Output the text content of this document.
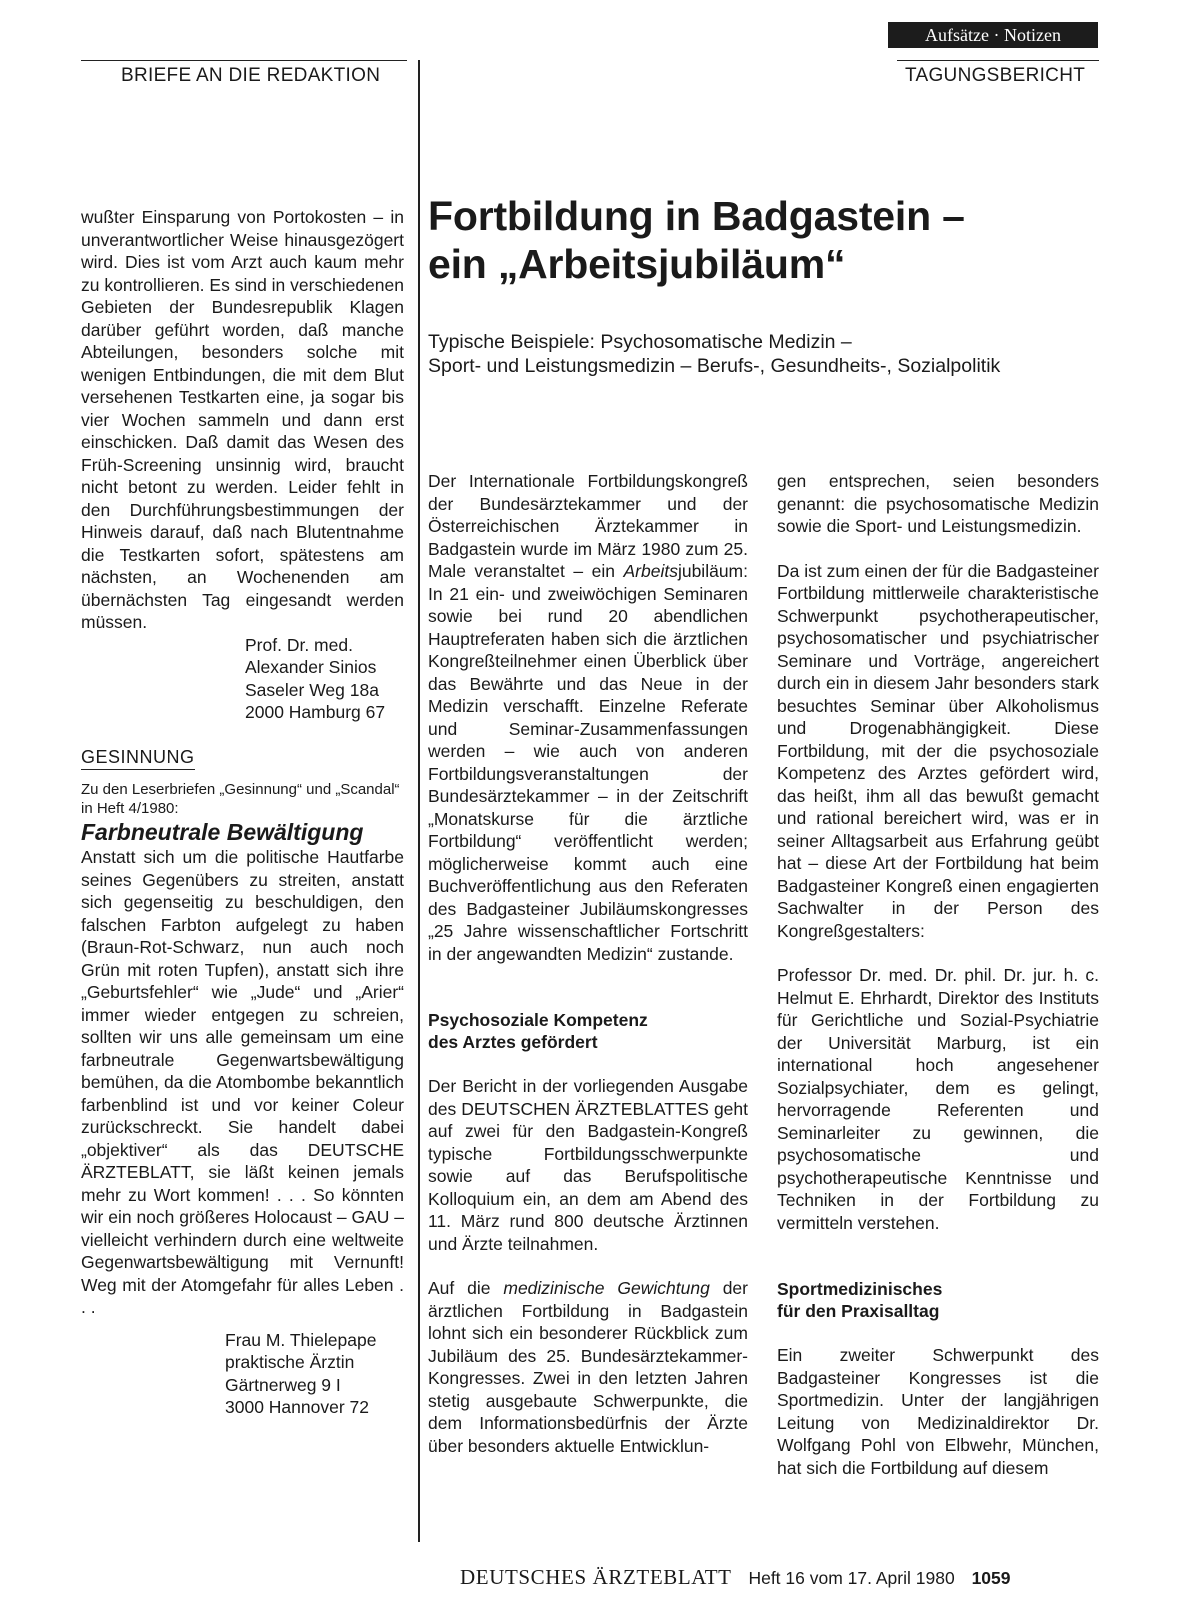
Aufsätze · Notizen
BRIEFE AN DIE REDAKTION	TAGUNGSBERICHT

wußter Einsparung von Portokosten – in unverantwortlicher Weise hinausgezögert wird. Dies ist vom Arzt auch kaum mehr zu kontrollieren. Es sind in verschiedenen Gebieten der Bundesrepublik Klagen darüber geführt worden, daß manche Abteilungen, besonders solche mit wenigen Entbindungen, die mit dem Blut versehenen Testkarten eine, ja sogar bis vier Wochen sammeln und dann erst einschicken. Daß damit das Wesen des Früh-Screening unsinnig wird, braucht nicht betont zu werden. Leider fehlt in den Durchführungsbestimmungen der Hinweis darauf, daß nach Blutentnahme die Testkarten sofort, spätestens am nächsten, an Wochenenden am übernächsten Tag eingesandt werden müssen.

Prof. Dr. med.

Alexander Sinios

Saseler Weg 18a

2000 Hamburg 67

GESINNUNG

Zu den Leserbriefen „Gesinnung“ und „Scandal“ in Heft 4/1980:

Farbneutrale Bewältigung

Anstatt sich um die politische Hautfarbe seines Gegenübers zu streiten, anstatt sich gegenseitig zu beschuldigen, den falschen Farbton aufgelegt zu haben (Braun-Rot-Schwarz, nun auch noch Grün mit roten Tupfen), anstatt sich ihre „Geburtsfehler“ wie „Jude“ und „Arier“ immer wieder entgegen zu schreien, sollten wir uns alle gemeinsam um eine farbneutrale Gegenwartsbewältigung bemühen, da die Atombombe bekanntlich farbenblind ist und vor keiner Coleur zurückschreckt. Sie handelt dabei „objektiver“ als das DEUTSCHE ÄRZTEBLATT, sie läßt keinen jemals mehr zu Wort kommen! . . . So könnten wir ein noch größeres Holocaust – GAU – vielleicht verhindern durch eine weltweite Gegenwartsbewältigung mit Vernunft! Weg mit der Atomgefahr für alles Leben . . .

Frau M. Thielepape

praktische Ärztin

Gärtnerweg 9 I

3000 Hannover 72

Fortbildung in Badgastein –
ein „Arbeitsjubiläum“

Typische Beispiele: Psychosomatische Medizin –

Sport- und Leistungsmedizin – Berufs-, Gesundheits-, Sozialpolitik

Der Internationale Fortbildungskongreß der Bundesärztekammer und der Österreichischen Ärztekammer in Badgastein wurde im März 1980 zum 25. Male veranstaltet – ein Arbeitsjubiläum: In 21 ein- und zweiwöchigen Seminaren sowie bei rund 20 abendlichen Hauptreferaten haben sich die ärztlichen Kongreßteilnehmer einen Überblick über das Bewährte und das Neue in der Medizin verschafft. Einzelne Referate und Seminar-Zusammenfassungen werden – wie auch von anderen Fortbildungsveranstaltungen der Bundesärztekammer – in der Zeitschrift „Monatskurse für die ärztliche Fortbildung“ veröffentlicht werden; möglicherweise kommt auch eine Buchveröffentlichung aus den Referaten des Badgasteiner Jubiläumskongresses „25 Jahre wissenschaftlicher Fortschritt in der angewandten Medizin“ zustande.

Psychosoziale Kompetenz
des Arztes gefördert

Der Bericht in der vorliegenden Ausgabe des DEUTSCHEN ÄRZTEBLATTES geht auf zwei für den Badgastein-Kongreß typische Fortbildungsschwerpunkte sowie auf das Berufspolitische Kolloquium ein, an dem am Abend des 11. März rund 800 deutsche Ärztinnen und Ärzte teilnahmen.

Auf die medizinische Gewichtung der ärztlichen Fortbildung in Badgastein lohnt sich ein besonderer Rückblick zum Jubiläum des 25. Bundesärztekammer-Kongresses. Zwei in den letzten Jahren stetig ausgebaute Schwerpunkte, die dem Informationsbedürfnis der Ärzte über besonders aktuelle Entwicklun-

gen entsprechen, seien besonders genannt: die psychosomatische Medizin sowie die Sport- und Leistungsmedizin.

Da ist zum einen der für die Badgasteiner Fortbildung mittlerweile charakteristische Schwerpunkt psychotherapeutischer, psychosomatischer und psychiatrischer Seminare und Vorträge, angereichert durch ein in diesem Jahr besonders stark besuchtes Seminar über Alkoholismus und Drogenabhängigkeit. Diese Fortbildung, mit der die psychosoziale Kompetenz des Arztes gefördert wird, das heißt, ihm all das bewußt gemacht und rational bereichert wird, was er in seiner Alltagsarbeit aus Erfahrung geübt hat – diese Art der Fortbildung hat beim Badgasteiner Kongreß einen engagierten Sachwalter in der Person des Kongreßgestalters:

Professor Dr. med. Dr. phil. Dr. jur. h. c. Helmut E. Ehrhardt, Direktor des Instituts für Gerichtliche und Sozial-Psychiatrie der Universität Marburg, ist ein international hoch angesehener Sozialpsychiater, dem es gelingt, hervorragende Referenten und Seminarleiter zu gewinnen, die psychosomatische und psychotherapeutische Kenntnisse und Techniken in der Fortbildung zu vermitteln verstehen.

Sportmedizinisches
für den Praxisalltag

Ein zweiter Schwerpunkt des Badgasteiner Kongresses ist die Sportmedizin. Unter der langjährigen Leitung von Medizinaldirektor Dr. Wolfgang Pohl von Elbwehr, München, hat sich die Fortbildung auf diesem

DEUTSCHES ÄRZTEBLATT Heft 16 vom 17. April 1980 1059
